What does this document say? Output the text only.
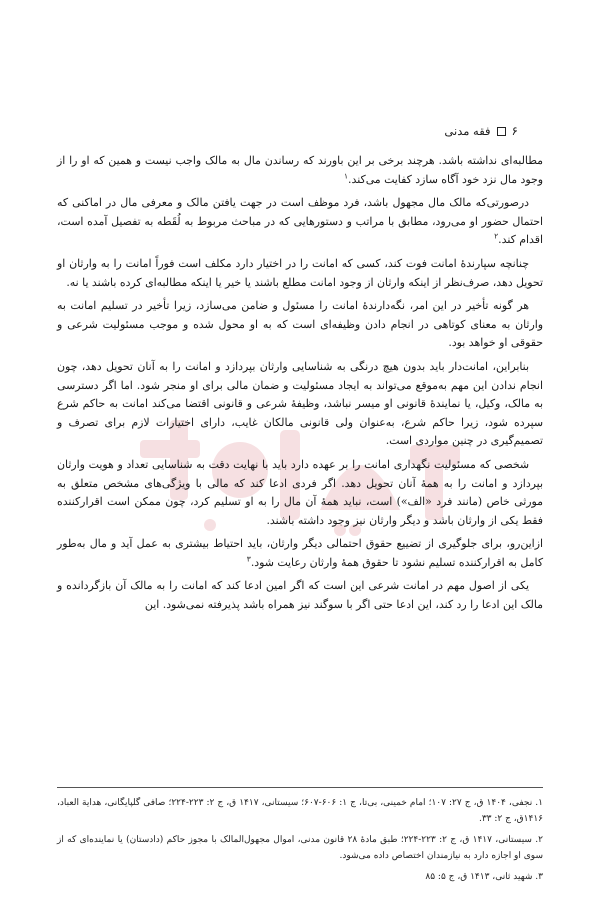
۶
فقه مدنی

مطالبه‌ای نداشته باشد. هرچند برخی بر این باورند که رساندن مال به مالک واجب نیست و همین که او را از وجود مال نزد خود آگاه سازد کفایت می‌کند.$^۱$

درصورتی‌که مالک مال مجهول باشد، فرد موظف است در جهت یافتن مالک و معرفی مال در اماکنی که احتمال حضور او می‌رود، مطابق با مراتب و دستورهایی که در مباحث مربوط به لُقَطه به تفصیل آمده است، اقدام کند.$^۲$

چنانچه سپارندۀ امانت فوت کند، کسی که امانت را در اختیار دارد مکلف است فوراً امانت را به وارثان او تحویل دهد، صرف‌نظر از اینکه وارثان از وجود امانت مطلع باشند یا خیر یا اینکه مطالبه‌ای کرده باشند یا نه.

هر گونه تأخیر در این امر، نگه‌دارندۀ امانت را مسئول و ضامن می‌سازد، زیرا تأخیر در تسلیم امانت به وارثان به معنای کوتاهی در انجام دادن وظیفه‌ای است که به او محول شده و موجب مسئولیت شرعی و حقوقی او خواهد بود.

بنابراین، امانت‌دار باید بدون هیچ درنگی به شناسایی وارثان بپردازد و امانت را به آنان تحویل دهد، چون انجام ندادن این مهم به‌موقع می‌تواند به ایجاد مسئولیت و ضمان مالی برای او منجر شود. اما اگر دسترسی به مالک، وکیل، یا نمایندۀ قانونی او میسر نباشد، وظیفۀ شرعی و قانونی اقتضا می‌کند امانت به حاکم شرع سپرده شود، زیرا حاکم شرع، به‌عنوان ولی قانونی مالکان غایب، دارای اختیارات لازم برای تصرف و تصمیم‌گیری در چنین مواردی است.

شخصی که مسئولیت نگهداری امانت را بر عهده دارد باید با نهایت دقت به شناسایی تعداد و هویت وارثان بپردازد و امانت را به همۀ آنان تحویل دهد. اگر فردی ادعا کند که مالی با ویژگی‌های مشخص متعلق به مورثی خاص (مانند فرد «الف») است، نباید همۀ آن مال را به او تسلیم کرد، چون ممکن است اقرارکننده فقط یکی از وارثان باشد و دیگر وارثان نیز وجود داشته باشند.

ازاین‌رو، برای جلوگیری از تضییع حقوق احتمالی دیگر وارثان، باید احتیاط بیشتری به عمل آید و مال به‌طور کامل به اقرارکننده تسلیم نشود تا حقوق همۀ وارثان رعایت شود.$^۳$

یکی از اصول مهم در امانت شرعی این است که اگر امین ادعا کند که امانت را به مالک آن بازگردانده و مالک این ادعا را رد کند، این ادعا حتی اگر با سوگند نیز همراه باشد پذیرفته نمی‌شود. این

۱. نجفی، ۱۴۰۴ ق، ج ۲۷: ۱۰۷؛ امام خمینی، بی‌تا، ج ۱: ۶۰۶-۶۰۷؛ سیستانی، ۱۴۱۷ ق، ج ۲: ۲۲۳-۲۲۴؛ صافی گلپایگانی، هدایة العباد، ۱۴۱۶ق، ج ۲: ۳۳.

۲. سیستانی، ۱۴۱۷ ق، ج ۲: ۲۲۳-۲۲۴؛ طبق مادۀ ۲۸ قانون مدنی، اموال مجهول‌المالک با مجوز حاکم (دادستان) یا نماینده‌ای که از سوی او اجازه دارد به نیازمندان اختصاص داده می‌شود.

۳. شهید ثانی، ۱۴۱۳ ق، ج ۵: ۸۵
